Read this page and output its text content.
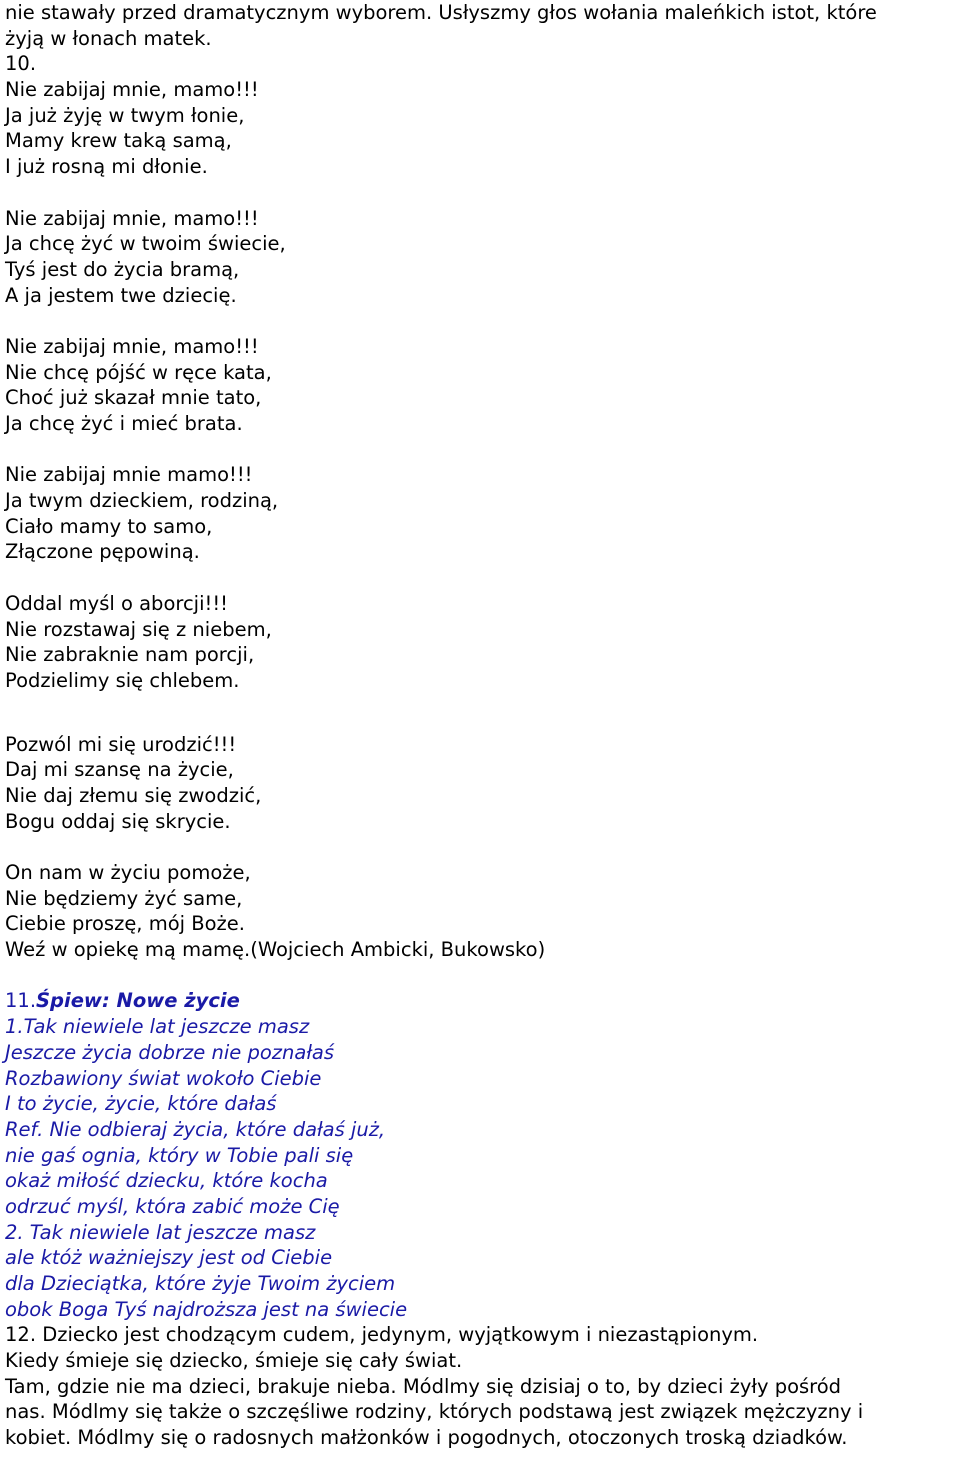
nie stawały przed dramatycznym wyborem. Usłyszmy głos wołania maleńkich istot, które
żyją w łonach matek.
10.
Nie zabijaj mnie, mamo!!!
Ja już żyję w twym łonie,
Mamy krew taką samą,
I już rosną mi dłonie.
Nie zabijaj mnie, mamo!!!
Ja chcę żyć w twoim świecie,
Tyś jest do życia bramą,
A ja jestem twe dziecię.
Nie zabijaj mnie, mamo!!!
Nie chcę pójść w ręce kata,
Choć już skazał mnie tato,
Ja chcę żyć i mieć brata.
Nie zabijaj mnie mamo!!!
Ja twym dzieckiem, rodziną,
Ciało mamy to samo,
Złączone pępowiną.
Oddal myśl o aborcji!!!
Nie rozstawaj się z niebem,
Nie zabraknie nam porcji,
Podzielimy się chlebem.
Pozwól mi się urodzić!!!
Daj mi szansę na życie,
Nie daj złemu się zwodzić,
Bogu oddaj się skrycie.
On nam w życiu pomoże,
Nie będziemy żyć same,
Ciebie proszę, mój Boże.
Weź w opiekę mą mamę.(Wojciech Ambicki, Bukowsko)
11.Śpiew: Nowe życie
1.Tak niewiele lat jeszcze masz
Jeszcze życia dobrze nie poznałaś
Rozbawiony świat wokoło Ciebie
I to życie, życie, które dałaś
Ref. Nie odbieraj życia, które dałaś już,
nie gaś ognia, który w Tobie pali się
okaż miłość dziecku, które kocha
odrzuć myśl, która zabić może Cię
2. Tak niewiele lat jeszcze masz
ale któż ważniejszy jest od Ciebie
dla Dzieciątka, które żyje Twoim życiem
obok Boga Tyś najdroższa jest na świecie
12. Dziecko jest chodzącym cudem, jedynym, wyjątkowym i niezastąpionym.
Kiedy śmieje się dziecko, śmieje się cały świat.
Tam, gdzie nie ma dzieci, brakuje nieba. Módlmy się dzisiaj o to, by dzieci żyły pośród
nas. Módlmy się także o szczęśliwe rodziny, których podstawą jest związek mężczyzny i
kobiet. Módlmy się o radosnych małżonków i pogodnych, otoczonych troską dziadków.
